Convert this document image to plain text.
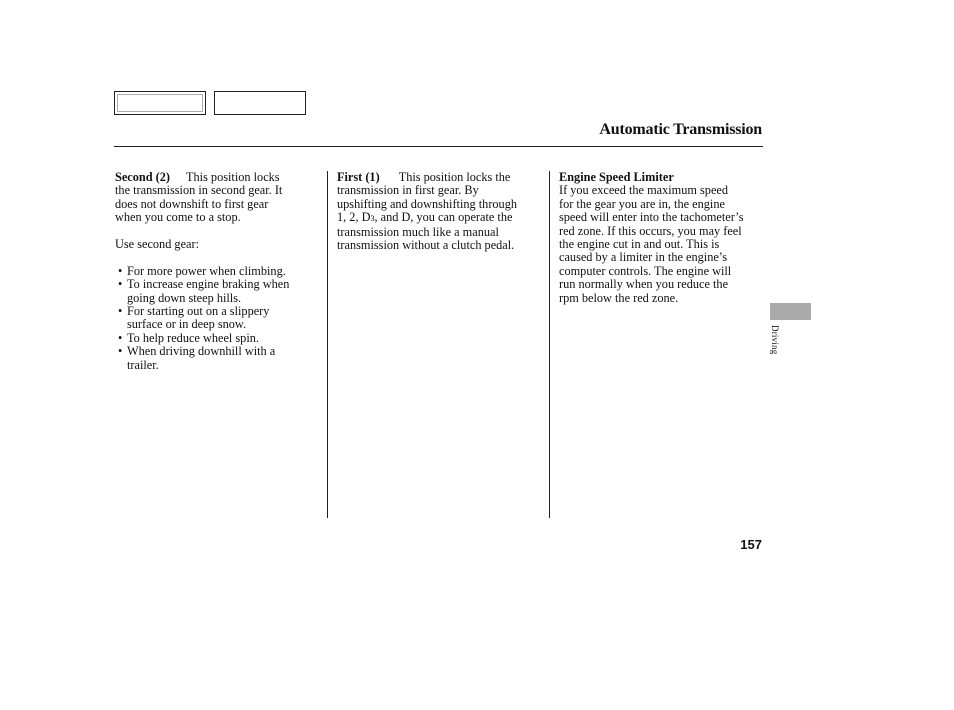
Automatic Transmission

Second (2) This position locks
the transmission in second gear. It
does not downshift to first gear
when you come to a stop.

Use second gear:

• For more power when climbing.
• To increase engine braking when
going down steep hills.
• For starting out on a slippery
surface or in deep snow.
• To help reduce wheel spin.
• When driving downhill with a
trailer.

First (1) This position locks the
transmission in first gear. By
upshifting and downshifting through
1, 2, D3, and D, you can operate the
transmission much like a manual
transmission without a clutch pedal.

Engine Speed Limiter

If you exceed the maximum speed
for the gear you are in, the engine
speed will enter into the tachometer’s
red zone. If this occurs, you may feel
the engine cut in and out. This is
caused by a limiter in the engine’s
computer controls. The engine will
run normally when you reduce the
rpm below the red zone.

Driving
157
